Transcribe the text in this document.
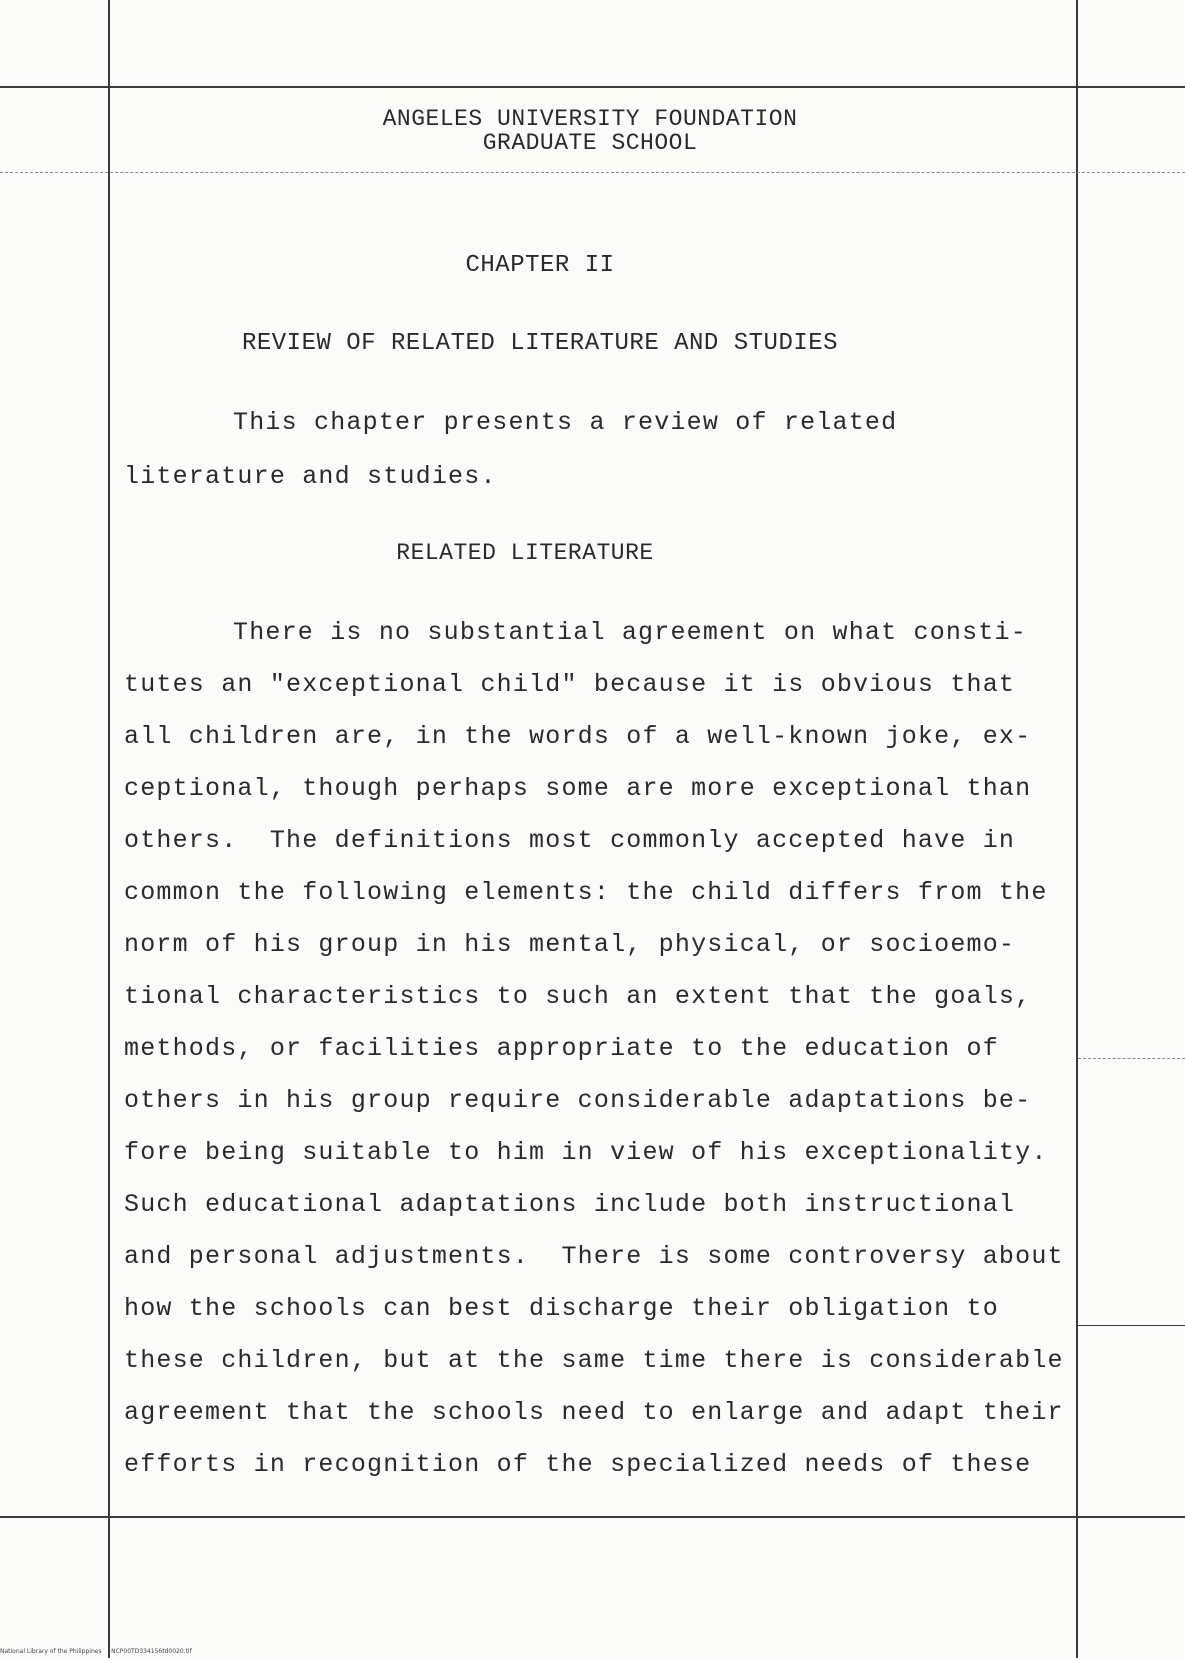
ANGELES UNIVERSITY FOUNDATION
GRADUATE SCHOOL
CHAPTER II
REVIEW OF RELATED LITERATURE AND STUDIES
This chapter presents a review of related
literature and studies.
RELATED LITERATURE
There is no substantial agreement on what consti-
tutes an "exceptional child" because it is obvious that
all children are, in the words of a well-known joke, ex-
ceptional, though perhaps some are more exceptional than
others.  The definitions most commonly accepted have in
common the following elements: the child differs from the
norm of his group in his mental, physical, or socioemo-
tional characteristics to such an extent that the goals,
methods, or facilities appropriate to the education of
others in his group require considerable adaptations be-
fore being suitable to him in view of his exceptionality.
Such educational adaptations include both instructional
and personal adjustments.  There is some controversy about
how the schools can best discharge their obligation to
these children, but at the same time there is considerable
agreement that the schools need to enlarge and adapt their
efforts in recognition of the specialized needs of these
National Library of the Philippines NCP00TD334156td0020.tif
